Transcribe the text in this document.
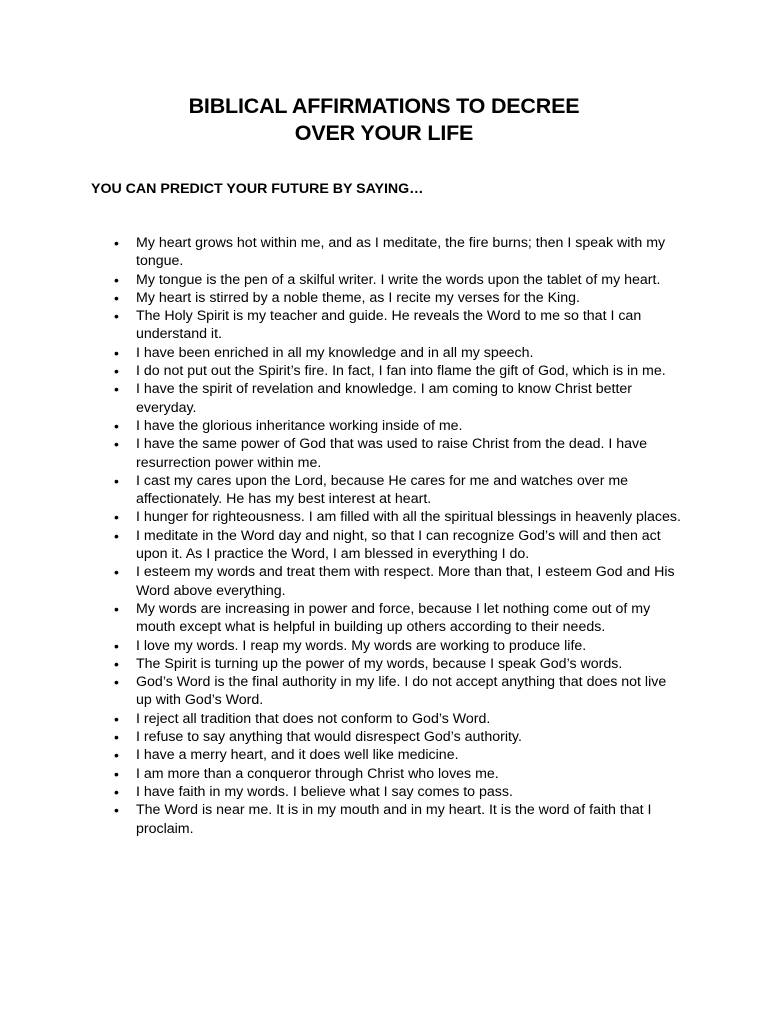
BIBLICAL AFFIRMATIONS TO DECREE
OVER YOUR LIFE

YOU CAN PREDICT YOUR FUTURE BY SAYING…

• My heart grows hot within me, and as I meditate, the fire burns; then I speak with my tongue.
• My tongue is the pen of a skilful writer. I write the words upon the tablet of my heart.
• My heart is stirred by a noble theme, as I recite my verses for the King.
• The Holy Spirit is my teacher and guide. He reveals the Word to me so that I can understand it.
• I have been enriched in all my knowledge and in all my speech.
• I do not put out the Spirit’s fire. In fact, I fan into flame the gift of God, which is in me.
• I have the spirit of revelation and knowledge. I am coming to know Christ better everyday.
• I have the glorious inheritance working inside of me.
• I have the same power of God that was used to raise Christ from the dead. I have resurrection power within me.
• I cast my cares upon the Lord, because He cares for me and watches over me affectionately. He has my best interest at heart.
• I hunger for righteousness. I am filled with all the spiritual blessings in heavenly places.
• I meditate in the Word day and night, so that I can recognize God’s will and then act upon it. As I practice the Word, I am blessed in everything I do.
• I esteem my words and treat them with respect. More than that, I esteem God and His Word above everything.
• My words are increasing in power and force, because I let nothing come out of my mouth except what is helpful in building up others according to their needs.
• I love my words. I reap my words. My words are working to produce life.
• The Spirit is turning up the power of my words, because I speak God’s words.
• God’s Word is the final authority in my life. I do not accept anything that does not live up with God’s Word.
• I reject all tradition that does not conform to God’s Word.
• I refuse to say anything that would disrespect God’s authority.
• I have a merry heart, and it does well like medicine.
• I am more than a conqueror through Christ who loves me.
• I have faith in my words. I believe what I say comes to pass.
• The Word is near me. It is in my mouth and in my heart. It is the word of faith that I proclaim.
